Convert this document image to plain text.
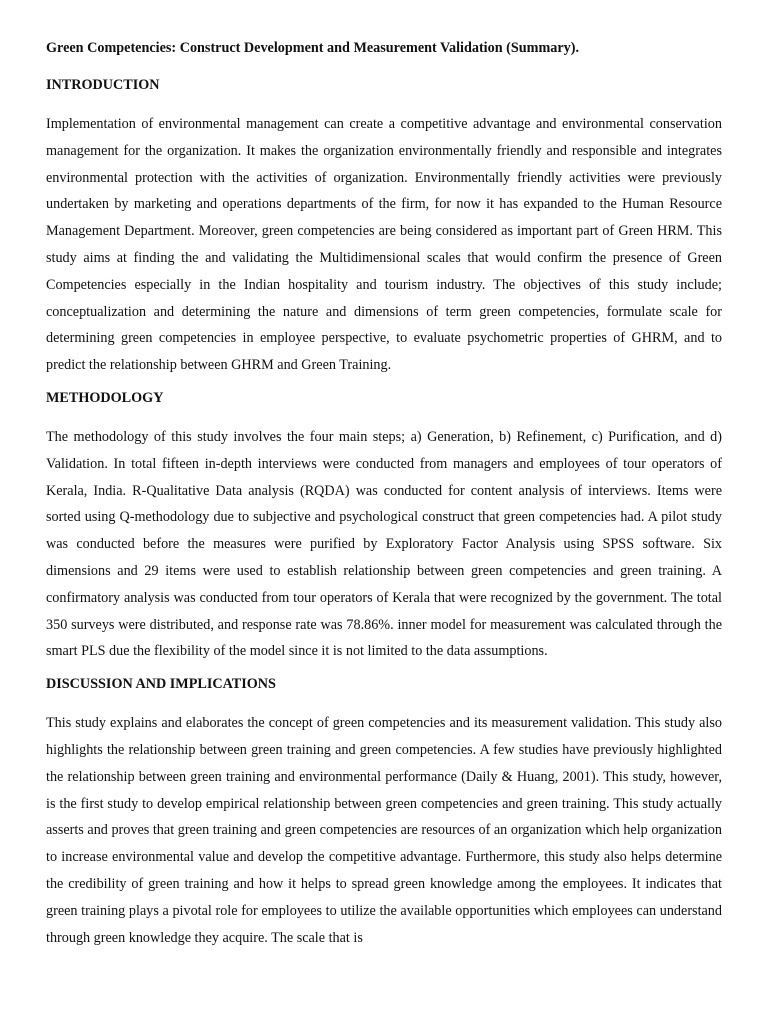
Green Competencies: Construct Development and Measurement Validation (Summary).
INTRODUCTION

Implementation of environmental management can create a competitive advantage and environmental conservation management for the organization. It makes the organization environmentally friendly and responsible and integrates environmental protection with the activities of organization. Environmentally friendly activities were previously undertaken by marketing and operations departments of the firm, for now it has expanded to the Human Resource Management Department. Moreover, green competencies are being considered as important part of Green HRM. This study aims at finding the and validating the Multidimensional scales that would confirm the presence of Green Competencies especially in the Indian hospitality and tourism industry. The objectives of this study include; conceptualization and determining the nature and dimensions of term green competencies, formulate scale for determining green competencies in employee perspective, to evaluate psychometric properties of GHRM, and to predict the relationship between GHRM and Green Training.

METHODOLOGY

The methodology of this study involves the four main steps; a) Generation, b) Refinement, c) Purification, and d) Validation. In total fifteen in-depth interviews were conducted from managers and employees of tour operators of Kerala, India. R-Qualitative Data analysis (RQDA) was conducted for content analysis of interviews. Items were sorted using Q-methodology due to subjective and psychological construct that green competencies had. A pilot study was conducted before the measures were purified by Exploratory Factor Analysis using SPSS software. Six dimensions and 29 items were used to establish relationship between green competencies and green training. A confirmatory analysis was conducted from tour operators of Kerala that were recognized by the government. The total 350 surveys were distributed, and response rate was 78.86%. inner model for measurement was calculated through the smart PLS due the flexibility of the model since it is not limited to the data assumptions.

DISCUSSION AND IMPLICATIONS

This study explains and elaborates the concept of green competencies and its measurement validation. This study also highlights the relationship between green training and green competencies. A few studies have previously highlighted the relationship between green training and environmental performance (Daily & Huang, 2001). This study, however, is the first study to develop empirical relationship between green competencies and green training. This study actually asserts and proves that green training and green competencies are resources of an organization which help organization to increase environmental value and develop the competitive advantage. Furthermore, this study also helps determine the credibility of green training and how it helps to spread green knowledge among the employees. It indicates that green training plays a pivotal role for employees to utilize the available opportunities which employees can understand through green knowledge they acquire. The scale that is
